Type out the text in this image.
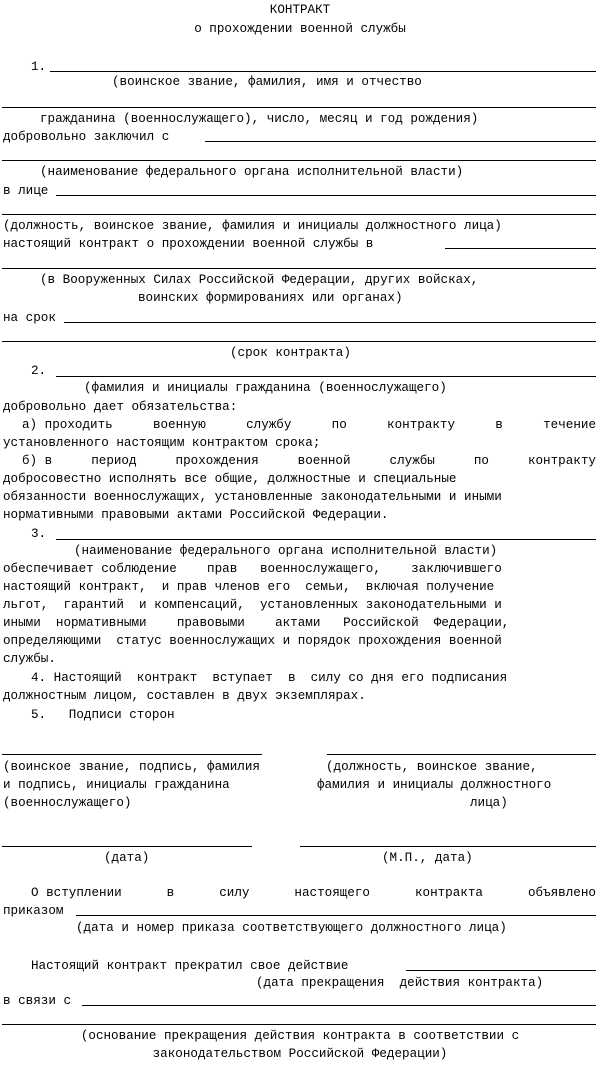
КОНТРАКТ
о прохождении военной службы
1.
(воинское звание, фамилия, имя и отчество
гражданина (военнослужащего), число, месяц и год рождения)
добровольно заключил с
(наименование федерального органа исполнительной власти)
в лице
(должность, воинское звание, фамилия и инициалы должностного лица)
настоящий контракт о прохождении военной службы в
(в Вооруженных Силах Российской Федерации, других войсках,
воинских формированиях или органах)
на срок
(срок контракта)
2.
(фамилия и инициалы гражданина (военнослужащего)
добровольно дает обязательства:
а) проходить	военную	службу	по	контракту	в	течение
установленного настоящим контрактом срока;
б) в	период	прохождения	военной	службы	по	контракту
добросовестно исполнять все общие, должностные и специальные
обязанности военнослужащих, установленные законодательными и иными
нормативными правовыми актами Российской Федерации.
3.
(наименование федерального органа исполнительной власти)
обеспечивает соблюдение    прав   военнослужащего,    заключившего
настоящий контракт,  и прав членов его  семьи,  включая получение
льгот,  гарантий  и компенсаций,  установленных законодательными и
иными  нормативными    правовыми    актами   Российской  Федерации,
определяющими  статус военнослужащих и порядок прохождения военной
службы.
4. Настоящий  контракт  вступает  в  силу со дня его подписания
должностным лицом, составлен в двух экземплярах.
5.   Подписи сторон
(воинское звание, подпись, фамилия
и подпись, инициалы гражданина
(военнослужащего)
(должность, воинское звание,
фамилия и инициалы должностного
лица)
(дата)	(М.П., дата)
О вступлении	в	силу	настоящего	контракта	объявлено
приказом
(дата и номер приказа соответствующего должностного лица)
Настоящий контракт прекратил свое действие
(дата прекращения  действия контракта)
в связи с
(основание прекращения действия контракта в соответствии с
законодательством Российской Федерации)
